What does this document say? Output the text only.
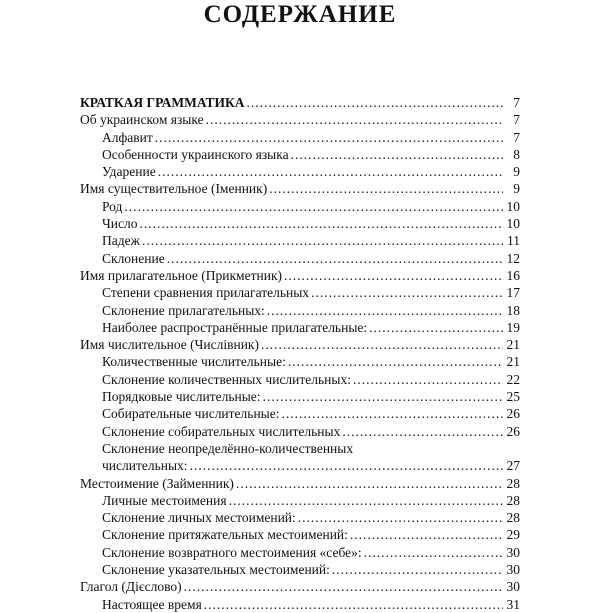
СОДЕРЖАНИЕ
КРАТКАЯ ГРАММАТИКА .....	7
Об украинском языке .....	7
Алфавит .....	7
Особенности украинского языка .....	8
Ударение .....	9
Имя существительное (Іменник) .....	9
Род .....	10
Число .....	10
Падеж .....	11
Склонение .....	12
Имя прилагательное (Прикметник) .....	16
Степени сравнения прилагательных .....	17
Склонение прилагательных: .....	18
Наиболее распространённые прилагательные: .....	19
Имя числительное (Числівник) .....	21
Количественные числительные: .....	21
Склонение количественных числительных: .....	22
Порядковые числительные: .....	25
Собирательные числительные: .....	26
Склонение собирательных числительных .....	26
Склонение неопределённо-количественных
числительных: .....	27
Местоимение (Займенник) .....	28
Личные местоимения .....	28
Склонение личных местоимений: .....	28
Склонение притяжательных местоимений: .....	29
Склонение возвратного местоимения «себе»: .....	30
Склонение указательных местоимений: .....	30
Глагол (Дієслово) .....	30
Настоящее время .....	31
